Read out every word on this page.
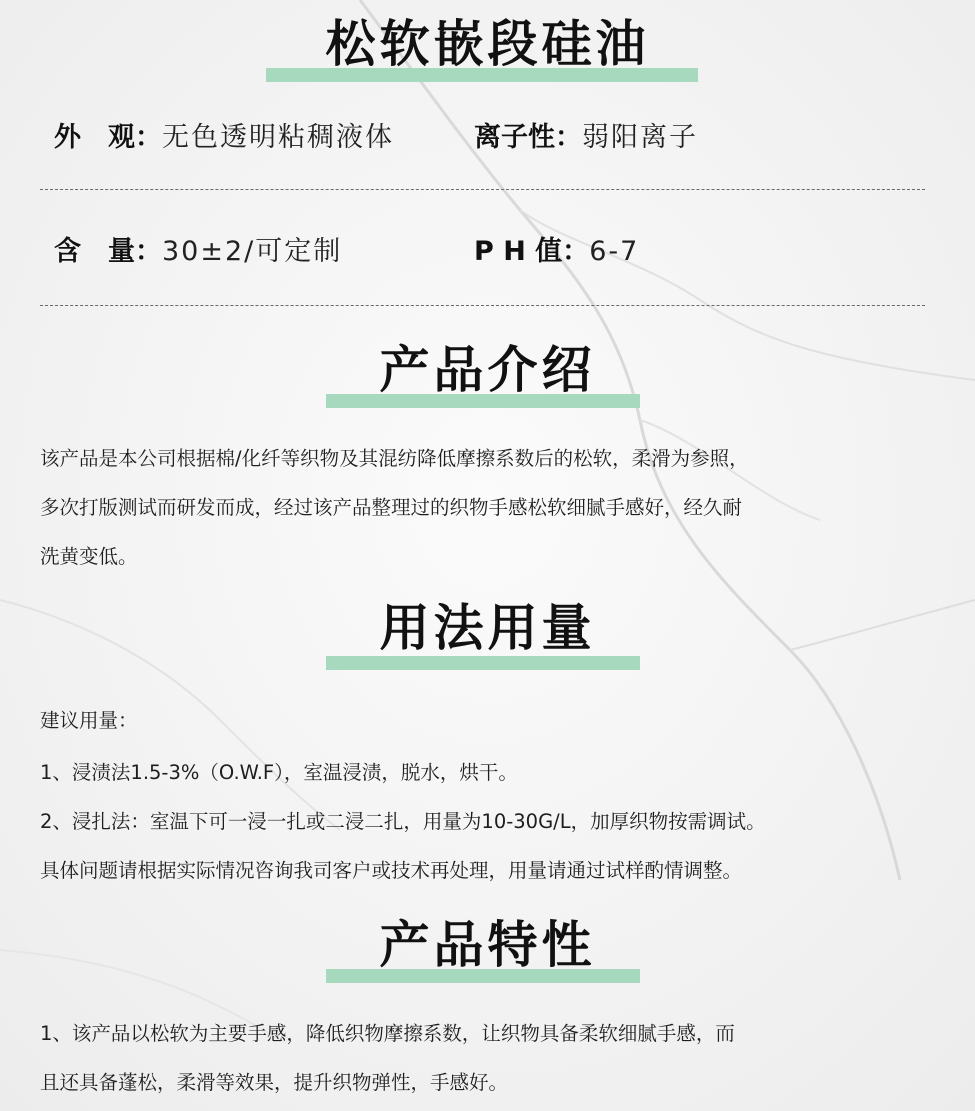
松软嵌段硅油
外　观：无色透明粘稠液体	离子性：弱阳离子
含　量：30±2/可定制	P H 值：6-7
产品介绍
该产品是本公司根据棉/化纤等织物及其混纺降低摩擦系数后的松软，柔滑为参照，
多次打版测试而研发而成，经过该产品整理过的织物手感松软细腻手感好，经久耐
洗黄变低。
用法用量
建议用量：
1、浸渍法1.5-3%（O.W.F），室温浸渍，脱水，烘干。
2、浸扎法：室温下可一浸一扎或二浸二扎，用量为10-30G/L，加厚织物按需调试。
具体问题请根据实际情况咨询我司客户或技术再处理，用量请通过试样酌情调整。
产品特性
1、该产品以松软为主要手感，降低织物摩擦系数，让织物具备柔软细腻手感，而
且还具备蓬松，柔滑等效果，提升织物弹性，手感好。
